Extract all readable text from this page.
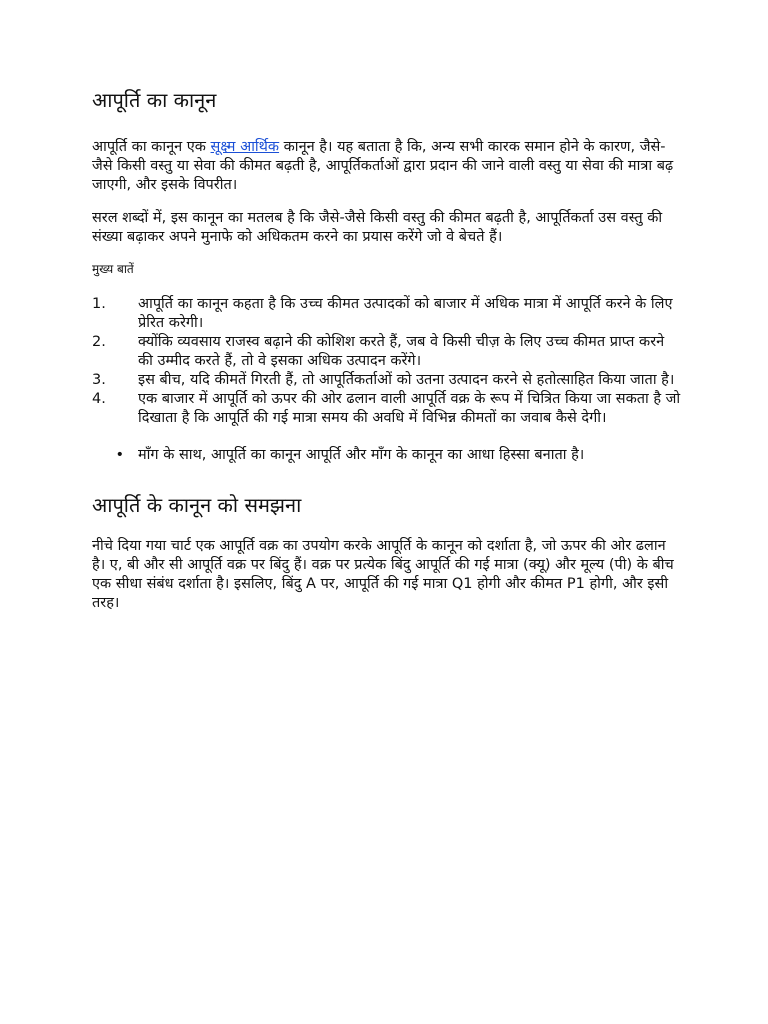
आपूर्ति का कानून

आपूर्ति का कानून एक सूक्ष्म आर्थिक कानून है। यह बताता है कि, अन्य सभी कारक समान होने के कारण, जैसे-जैसे किसी वस्तु या सेवा की कीमत बढ़ती है, आपूर्तिकर्ताओं द्वारा प्रदान की जाने वाली वस्तु या सेवा की मात्रा बढ़ जाएगी, और इसके विपरीत।

सरल शब्दों में, इस कानून का मतलब है कि जैसे-जैसे किसी वस्तु की कीमत बढ़ती है, आपूर्तिकर्ता उस वस्तु की संख्या बढ़ाकर अपने मुनाफे को अधिकतम करने का प्रयास करेंगे जो वे बेचते हैं।

मुख्य बातें
1.	आपूर्ति का कानून कहता है कि उच्च कीमत उत्पादकों को बाजार में अधिक मात्रा में आपूर्ति करने के लिए प्रेरित करेगी।
2.	क्योंकि व्यवसाय राजस्व बढ़ाने की कोशिश करते हैं, जब वे किसी चीज़ के लिए उच्च कीमत प्राप्त करने की उम्मीद करते हैं, तो वे इसका अधिक उत्पादन करेंगे।
3.	इस बीच, यदि कीमतें गिरती हैं, तो आपूर्तिकर्ताओं को उतना उत्पादन करने से हतोत्साहित किया जाता है।
4.	एक बाजार में आपूर्ति को ऊपर की ओर ढलान वाली आपूर्ति वक्र के रूप में चित्रित किया जा सकता है जो दिखाता है कि आपूर्ति की गई मात्रा समय की अवधि में विभिन्न कीमतों का जवाब कैसे देगी।
• माँग के साथ, आपूर्ति का कानून आपूर्ति और माँग के कानून का आधा हिस्सा बनाता है।
आपूर्ति के कानून को समझना

नीचे दिया गया चार्ट एक आपूर्ति वक्र का उपयोग करके आपूर्ति के कानून को दर्शाता है, जो ऊपर की ओर ढलान है। ए, बी और सी आपूर्ति वक्र पर बिंदु हैं। वक्र पर प्रत्येक बिंदु आपूर्ति की गई मात्रा (क्यू) और मूल्य (पी) के बीच एक सीधा संबंध दर्शाता है। इसलिए, बिंदु A पर, आपूर्ति की गई मात्रा Q1 होगी और कीमत P1 होगी, और इसी तरह।
